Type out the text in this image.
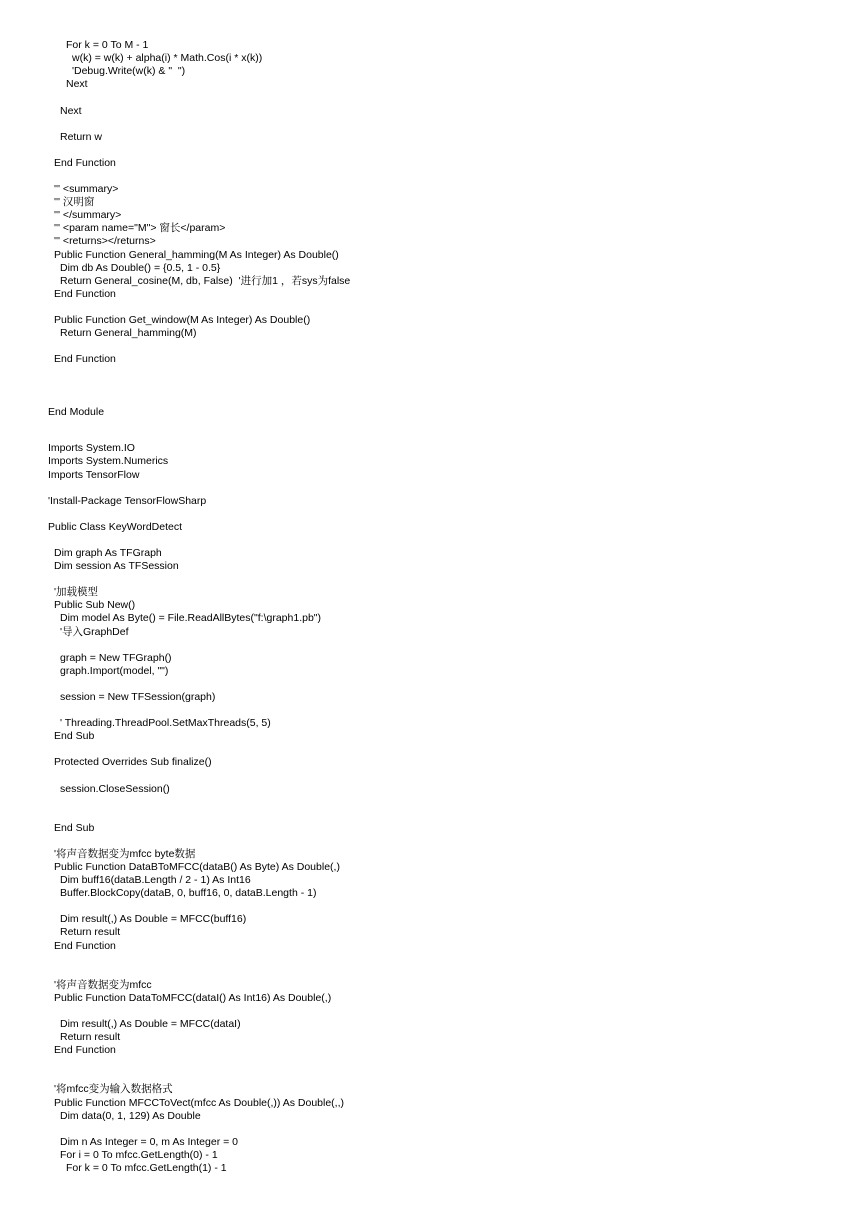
For k = 0 To M - 1
w(k) = w(k) + alpha(i) * Math.Cos(i * x(k))
'Debug.Write(w(k) & "  ")
Next
Next
Return w
End Function
''' <summary>
''' 汉明窗
''' </summary>
''' <param name="M"> 窗长</param>
''' <returns></returns>
Public Function General_hamming(M As Integer) As Double()
Dim db As Double() = {0.5, 1 - 0.5}
Return General_cosine(M, db, False)  '进行加1 ，若sys为false
End Function
Public Function Get_window(M As Integer) As Double()
Return General_hamming(M)
End Function
End Module
Imports System.IO
Imports System.Numerics
Imports TensorFlow
'Install-Package TensorFlowSharp
Public Class KeyWordDetect
Dim graph As TFGraph
Dim session As TFSession
'加载模型
Public Sub New()
Dim model As Byte() = File.ReadAllBytes("f:\graph1.pb")
'导入GraphDef
graph = New TFGraph()
graph.Import(model, "")
session = New TFSession(graph)
' Threading.ThreadPool.SetMaxThreads(5, 5)
End Sub
Protected Overrides Sub finalize()
session.CloseSession()
End Sub
'将声音数据变为mfcc byte数据
Public Function DataBToMFCC(dataB() As Byte) As Double(,)
Dim buff16(dataB.Length / 2 - 1) As Int16
Buffer.BlockCopy(dataB, 0, buff16, 0, dataB.Length - 1)
Dim result(,) As Double = MFCC(buff16)
Return result
End Function
'将声音数据变为mfcc
Public Function DataToMFCC(dataI() As Int16) As Double(,)
Dim result(,) As Double = MFCC(dataI)
Return result
End Function
'将mfcc变为输入数据格式
Public Function MFCCToVect(mfcc As Double(,)) As Double(,,)
Dim data(0, 1, 129) As Double
Dim n As Integer = 0, m As Integer = 0
For i = 0 To mfcc.GetLength(0) - 1
For k = 0 To mfcc.GetLength(1) - 1
